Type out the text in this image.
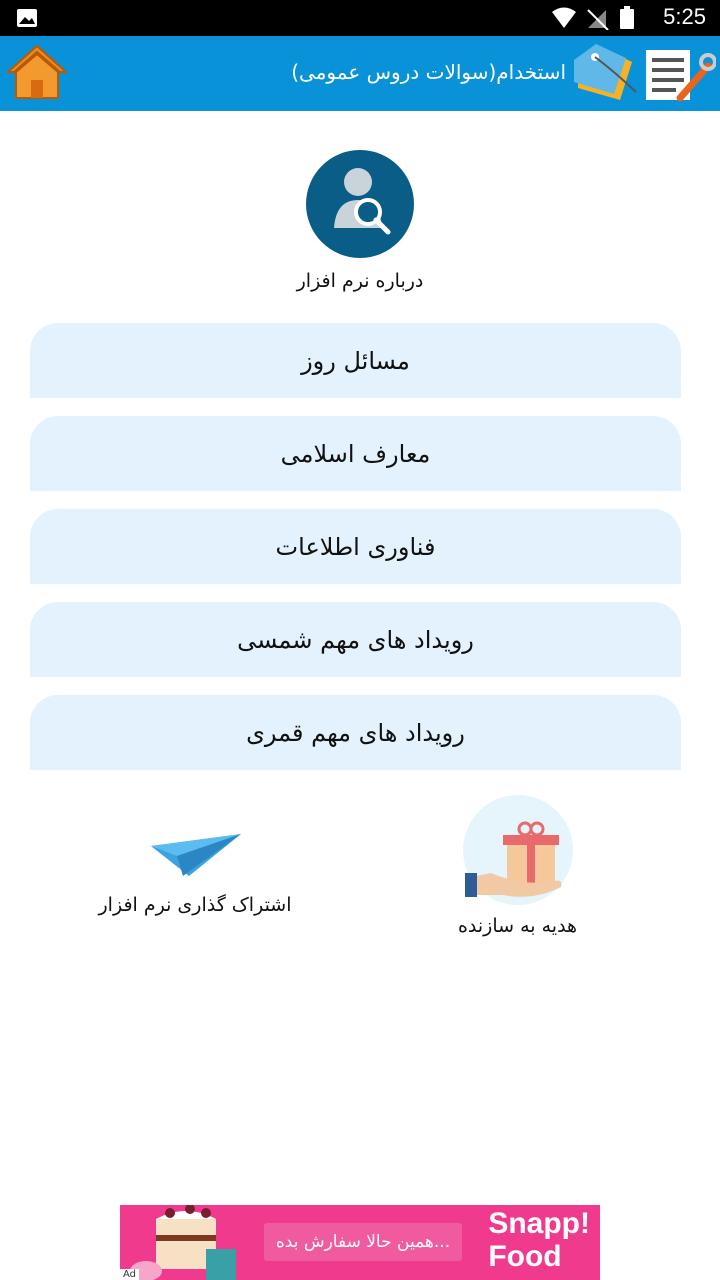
5:25
استخدام(سوالات دروس عمومی)
درباره نرم افزار
مسائل روز
معارف اسلامی
فناوری اطلاعات
رویداد های مهم شمسی
رویداد های مهم قمری
اشتراک گذاری نرم افزار
هدیه به سازنده
همین حالا سفارش بده...
Snapp!
Food
Ad
